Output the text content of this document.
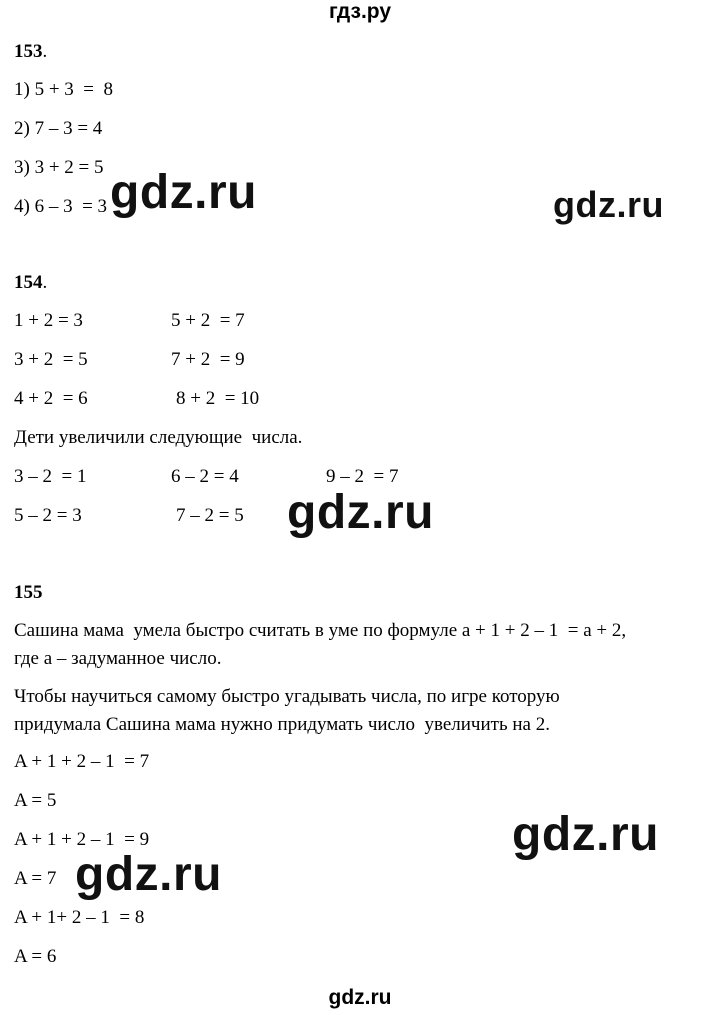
гдз.ру
153.
1) 5 + 3  =  8
2) 7 – 3 = 4
3) 3 + 2 = 5
4) 6 – 3  = 3
154.
1 + 2 = 3
3 + 2  = 5
4 + 2  = 6
5 + 2  = 7
7 + 2  = 9
8 + 2  = 10
Дети увеличили следующие  числа.
3 – 2  = 1
5 – 2 = 3
6 – 2 = 4
7 – 2 = 5
9 – 2  = 7
155
Сашина мама  умела быстро считать в уме по формуле a + 1 + 2 – 1  = a + 2,
где a – задуманное число.
Чтобы научиться самому быстро угадывать числа, по игре которую
придумала Сашина мама нужно придумать число  увеличить на 2.
A + 1 + 2 – 1  = 7
A = 5
A + 1 + 2 – 1  = 9
A = 7
A + 1+ 2 – 1  = 8
A = 6
gdz.ru	gdz.ru
gdz.ru
gdz.ru
gdz.ru
gdz.ru
